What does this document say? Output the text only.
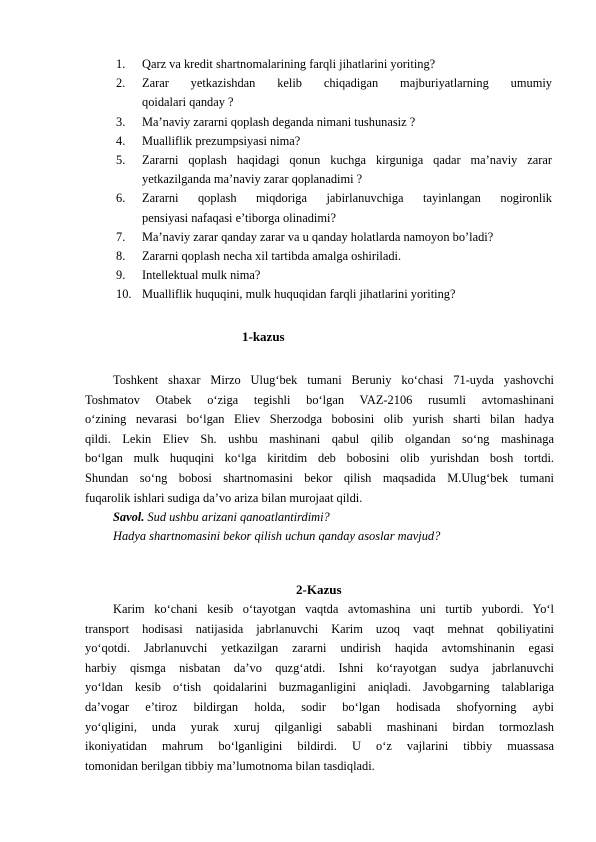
1.	Qarz va kredit shartnomalarining farqli jihatlarini yoriting?
2.	Zarar yetkazishdan kelib chiqadigan majburiyatlarning umumiy
qoidalari qanday ?
3.	Ma’naviy zararni qoplash deganda nimani tushunasiz ?
4.	Mualliflik prezumpsiyasi nima?
5.	Zararni qoplash haqidagi qonun kuchga kirguniga qadar ma’naviy zarar
yetkazilganda ma’naviy zarar qoplanadimi ?
6.	Zararni qoplash miqdoriga jabirlanuvchiga tayinlangan nogironlik
pensiyasi nafaqasi e’tiborga olinadimi?
7.	Ma’naviy zarar qanday zarar va u qanday holatlarda namoyon bo’ladi?
8.	Zararni qoplash necha xil tartibda amalga oshiriladi.
9.	Intellektual mulk nima?
10. Mualliflik huquqini, mulk huquqidan farqli jihatlarini yoriting?
1-kazus
Toshkent shaxar Mirzo Ulug‘bek tumani Beruniy ko‘chasi 71-uyda yashovchi
Toshmatov Otabek o‘ziga tegishli bo‘lgan VAZ-2106 rusumli avtomashinani
o‘zining nevarasi bo‘lgan Eliev Sherzodga bobosini olib yurish sharti bilan hadya
qildi. Lekin Eliev Sh. ushbu mashinani qabul qilib olgandan so‘ng mashinaga
bo‘lgan mulk huquqini ko‘lga kiritdim deb bobosini olib yurishdan bosh tortdi.
Shundan so‘ng bobosi shartnomasini bekor qilish maqsadida M.Ulug‘bek tumani
fuqarolik ishlari sudiga da’vo ariza bilan murojaat qildi.
Savol. Sud ushbu arizani qanoatlantirdimi?
Hadya shartnomasini bekor qilish uchun qanday asoslar mavjud?
2-Kazus
Karim ko‘chani kesib o‘tayotgan vaqtda avtomashina uni turtib yubordi. Yo‘l
transport hodisasi natijasida jabrlanuvchi Karim uzoq vaqt mehnat qobiliyatini
yo‘qotdi. Jabrlanuvchi yetkazilgan zararni undirish haqida avtomshinanin egasi
harbiy qismga nisbatan da’vo quzg‘atdi. Ishni ko‘rayotgan sudya jabrlanuvchi
yo‘ldan kesib o‘tish qoidalarini buzmaganligini aniqladi. Javobgarning talablariga
da’vogar e’tiroz bildirgan holda, sodir bo‘lgan hodisada shofyorning aybi
yo‘qligini, unda yurak xuruj qilganligi sababli mashinani birdan tormozlash
ikoniyatidan mahrum bo‘lganligini bildirdi. U o‘z vajlarini tibbiy muassasa
tomonidan berilgan tibbiy ma’lumotnoma bilan tasdiqladi.
